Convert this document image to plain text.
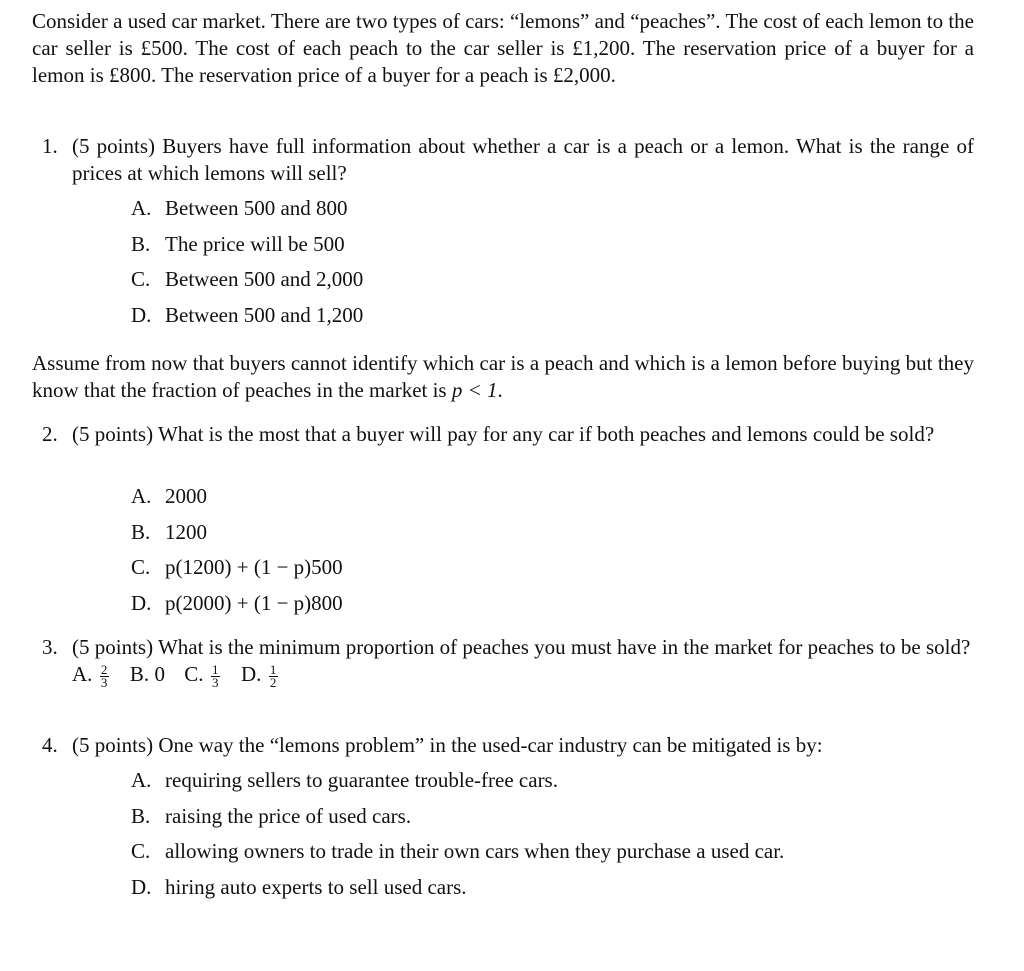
Consider a used car market. There are two types of cars: “lemons” and “peaches”. The cost of each lemon to the car seller is £500. The cost of each peach to the car seller is £1,200. The reservation price of a buyer for a lemon is £800. The reservation price of a buyer for a peach is £2,000.
1. (5 points) Buyers have full information about whether a car is a peach or a lemon. What is the range of prices at which lemons will sell?
A. Between 500 and 800
B. The price will be 500
C. Between 500 and 2,000
D. Between 500 and 1,200
Assume from now that buyers cannot identify which car is a peach and which is a lemon before buying but they know that the fraction of peaches in the market is p < 1.
2. (5 points) What is the most that a buyer will pay for any car if both peaches and lemons could be sold?
A. 2000
B. 1200
C. p(1200) + (1 − p)500
D. p(2000) + (1 − p)800
3. (5 points) What is the minimum proportion of peaches you must have in the market for peaches to be sold?
A. $\frac{2}{3} B$. 0 C. $\frac{1}{3} D$. $\frac{1}{2}$
4. (5 points) One way the “lemons problem” in the used-car industry can be mitigated is by:
A. requiring sellers to guarantee trouble-free cars.
B. raising the price of used cars.
C. allowing owners to trade in their own cars when they purchase a used car.
D. hiring auto experts to sell used cars.
